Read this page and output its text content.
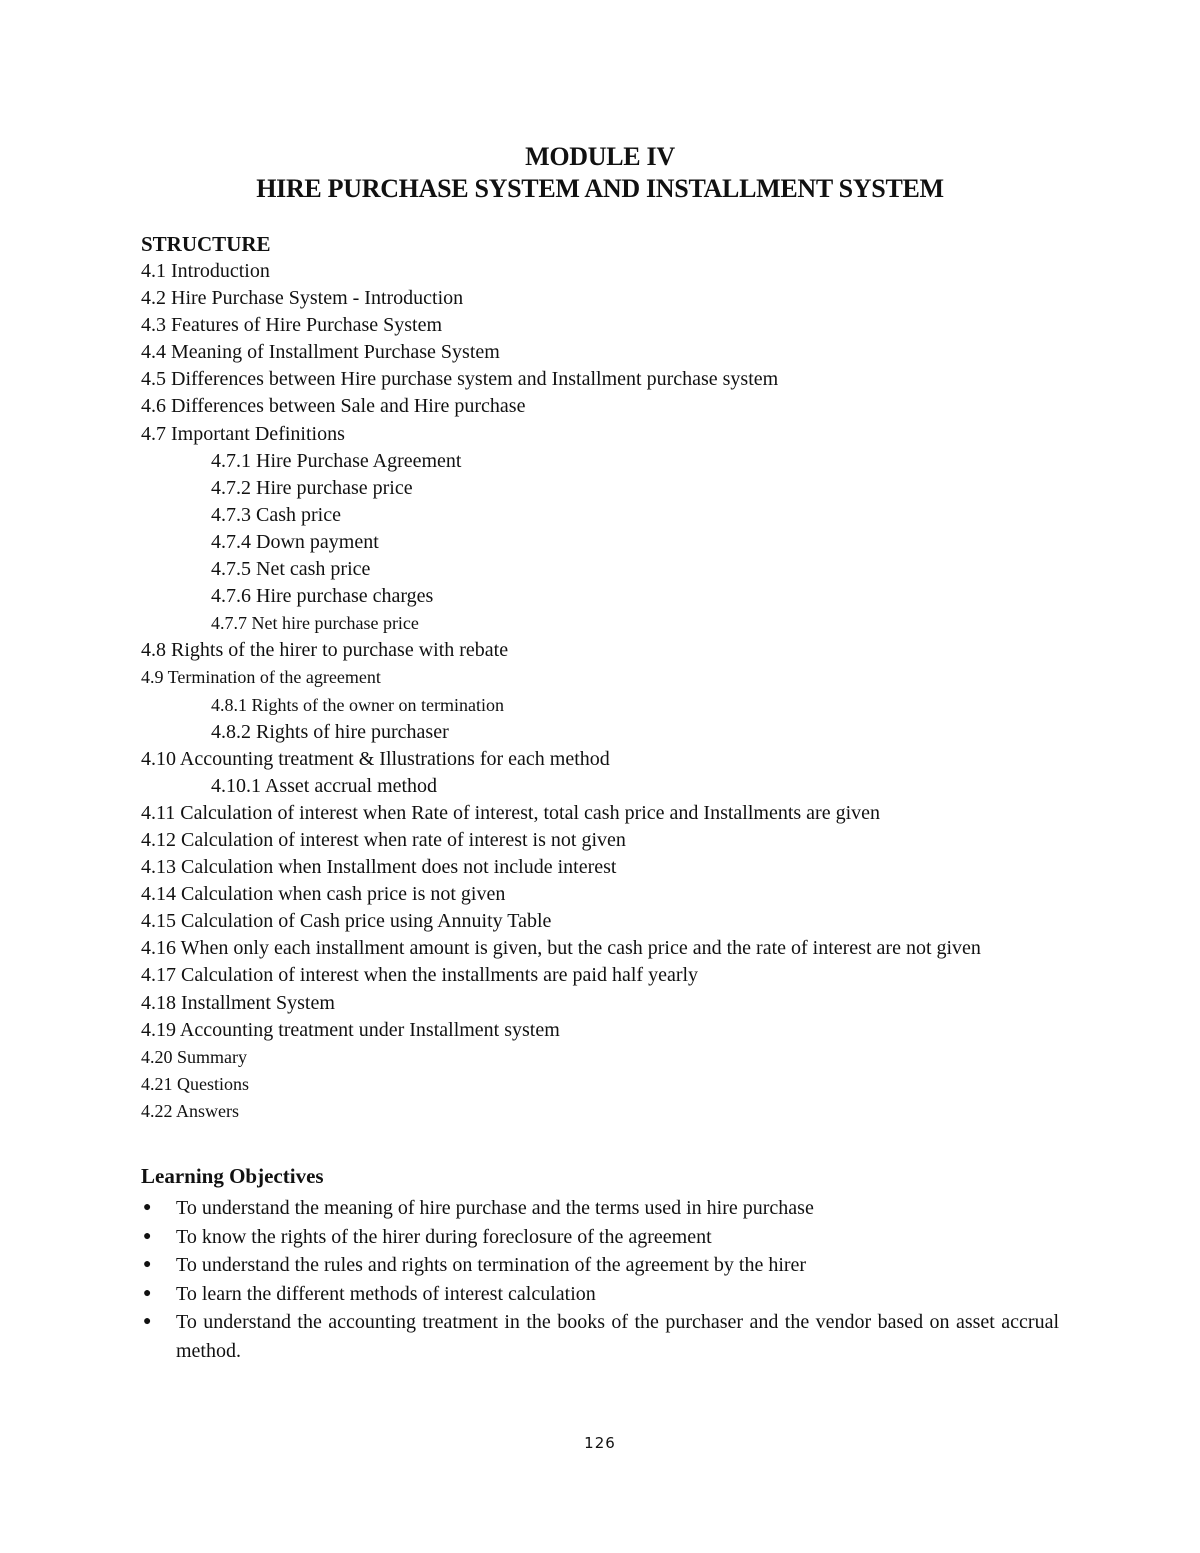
MODULE IV
HIRE PURCHASE SYSTEM AND INSTALLMENT SYSTEM
STRUCTURE
4.1 Introduction
4.2 Hire Purchase System - Introduction
4.3 Features of Hire Purchase System
4.4 Meaning of Installment Purchase System
4.5 Differences between Hire purchase system and Installment purchase system
4.6 Differences between Sale and Hire purchase
4.7 Important Definitions
4.7.1 Hire Purchase Agreement
4.7.2 Hire purchase price
4.7.3 Cash price
4.7.4 Down payment
4.7.5 Net cash price
4.7.6 Hire purchase charges
4.7.7 Net hire purchase price
4.8 Rights of the hirer to purchase with rebate
4.9 Termination of the agreement
4.8.1 Rights of the owner on termination
4.8.2 Rights of hire purchaser
4.10 Accounting treatment & Illustrations for each method
4.10.1 Asset accrual method
4.11 Calculation of interest when Rate of interest, total cash price and Installments are given
4.12 Calculation of interest when rate of interest is not given
4.13 Calculation when Installment does not include interest
4.14 Calculation when cash price is not given
4.15 Calculation of Cash price using Annuity Table
4.16 When only each installment amount is given, but the cash price and the rate of interest are not given
4.17 Calculation of interest when the installments are paid half yearly
4.18 Installment System
4.19 Accounting treatment under Installment system
4.20 Summary
4.21 Questions
4.22 Answers
Learning Objectives
● To understand the meaning of hire purchase and the terms used in hire purchase
● To know the rights of the hirer during foreclosure of the agreement
● To understand the rules and rights on termination of the agreement by the hirer
● To learn the different methods of interest calculation
● To understand the accounting treatment in the books of the purchaser and the vendor based on asset accrual method.
126
